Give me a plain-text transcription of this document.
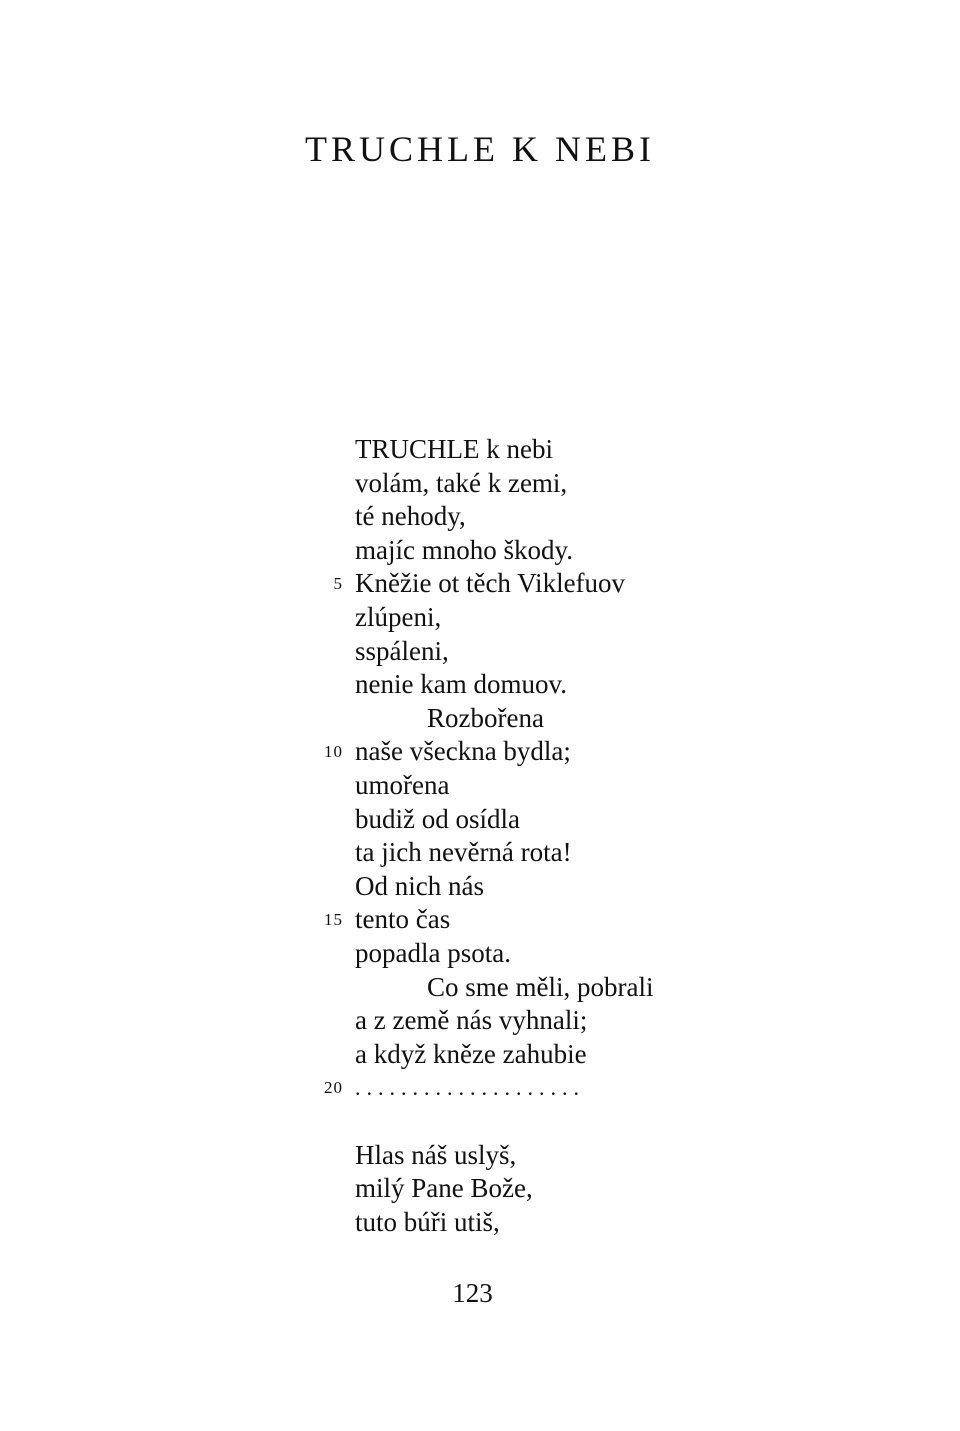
TRUCHLE K NEBI
TRUCHLE k nebi
volám, také k zemi,
té nehody,
majíc mnoho škody.
5 Kněžie ot těch Viklefuov
zlúpeni,
sspáleni,
nenie kam domuov.
Rozbořena
10 naše všeckna bydla;
umořena
budiž od osídla
ta jich nevěrná rota!
Od nich nás
15 tento čas
popadla psota.
Co sme měli, pobrali
a z země nás vyhnali;
a když kněze zahubie
20 ....................
Hlas náš uslyš,
milý Pane Bože,
tuto búři utiš,
123
